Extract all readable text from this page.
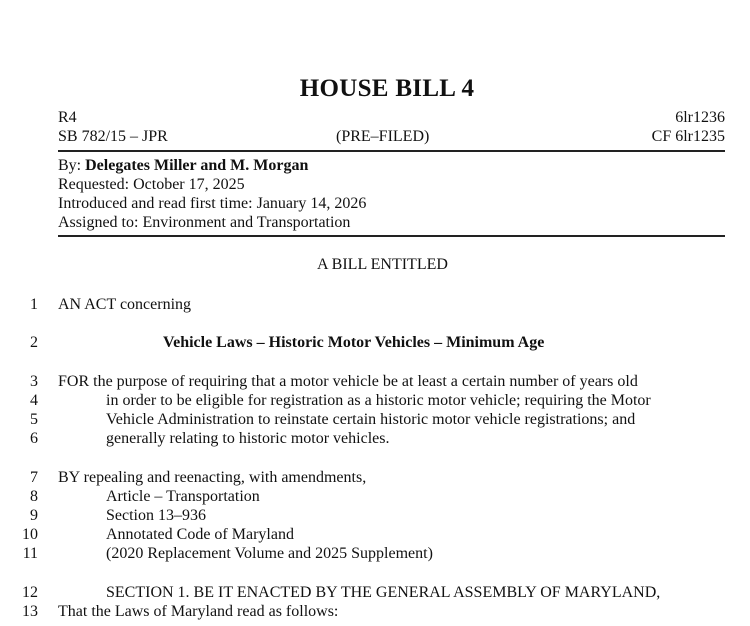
HOUSE BILL 4
R4	6lr1236
SB 782/15 – JPR	(PRE–FILED)	CF 6lr1235
By: Delegates Miller and M. Morgan
Requested: October 17, 2025
Introduced and read first time: January 14, 2026
Assigned to: Environment and Transportation
A BILL ENTITLED
1 AN ACT concerning
2	Vehicle Laws – Historic Motor Vehicles – Minimum Age
3 FOR the purpose of requiring that a motor vehicle be at least a certain number of years old
4	in order to be eligible for registration as a historic motor vehicle; requiring the Motor
5	Vehicle Administration to reinstate certain historic motor vehicle registrations; and
6	generally relating to historic motor vehicles.
7 BY repealing and reenacting, with amendments,
8	Article – Transportation
9	Section 13–936
10	Annotated Code of Maryland
11	(2020 Replacement Volume and 2025 Supplement)
12	SECTION 1. BE IT ENACTED BY THE GENERAL ASSEMBLY OF MARYLAND,
13 That the Laws of Maryland read as follows:
